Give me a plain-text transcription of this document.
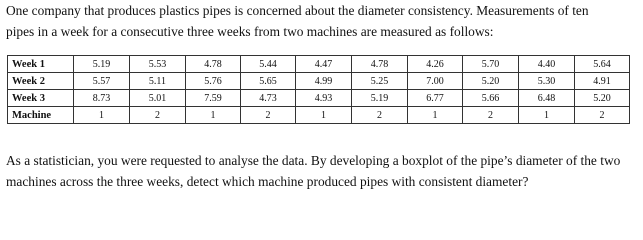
One company that produces plastics pipes is concerned about the diameter consistency. Measurements of ten
pipes in a week for a consecutive three weeks from two machines are measured as follows:
Week 1	5.19	5.53	4.78	5.44	4.47	4.78	4.26	5.70	4.40	5.64
Week 2	5.57	5.11	5.76	5.65	4.99	5.25	7.00	5.20	5.30	4.91
Week 3	8.73	5.01	7.59	4.73	4.93	5.19	6.77	5.66	6.48	5.20
Machine	1	2	1	2	1	2	1	2	1	2
As a statistician, you were requested to analyse the data. By developing a boxplot of the pipe’s diameter of the two
machines across the three weeks, detect which machine produced pipes with consistent diameter?
